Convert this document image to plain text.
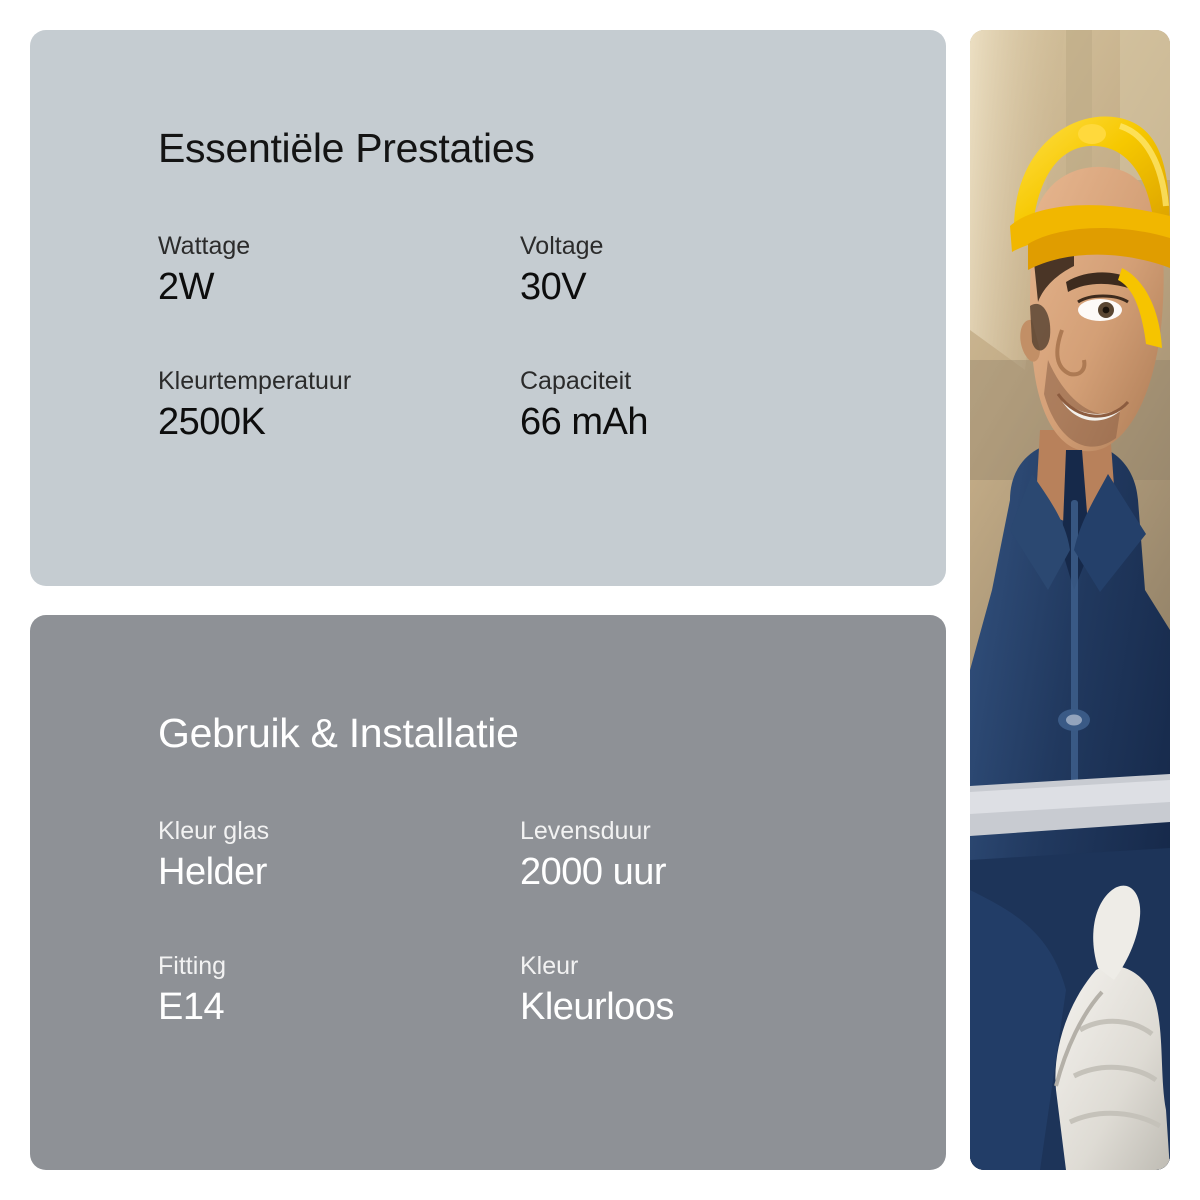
Essentiële Prestaties

Wattage

2W

Voltage

30V

Kleurtemperatuur

2500K

Capaciteit

66 mAh

Gebruik & Installatie

Kleur glas

Helder

Levensduur

2000 uur

Fitting

E14

Kleur

Kleurloos
